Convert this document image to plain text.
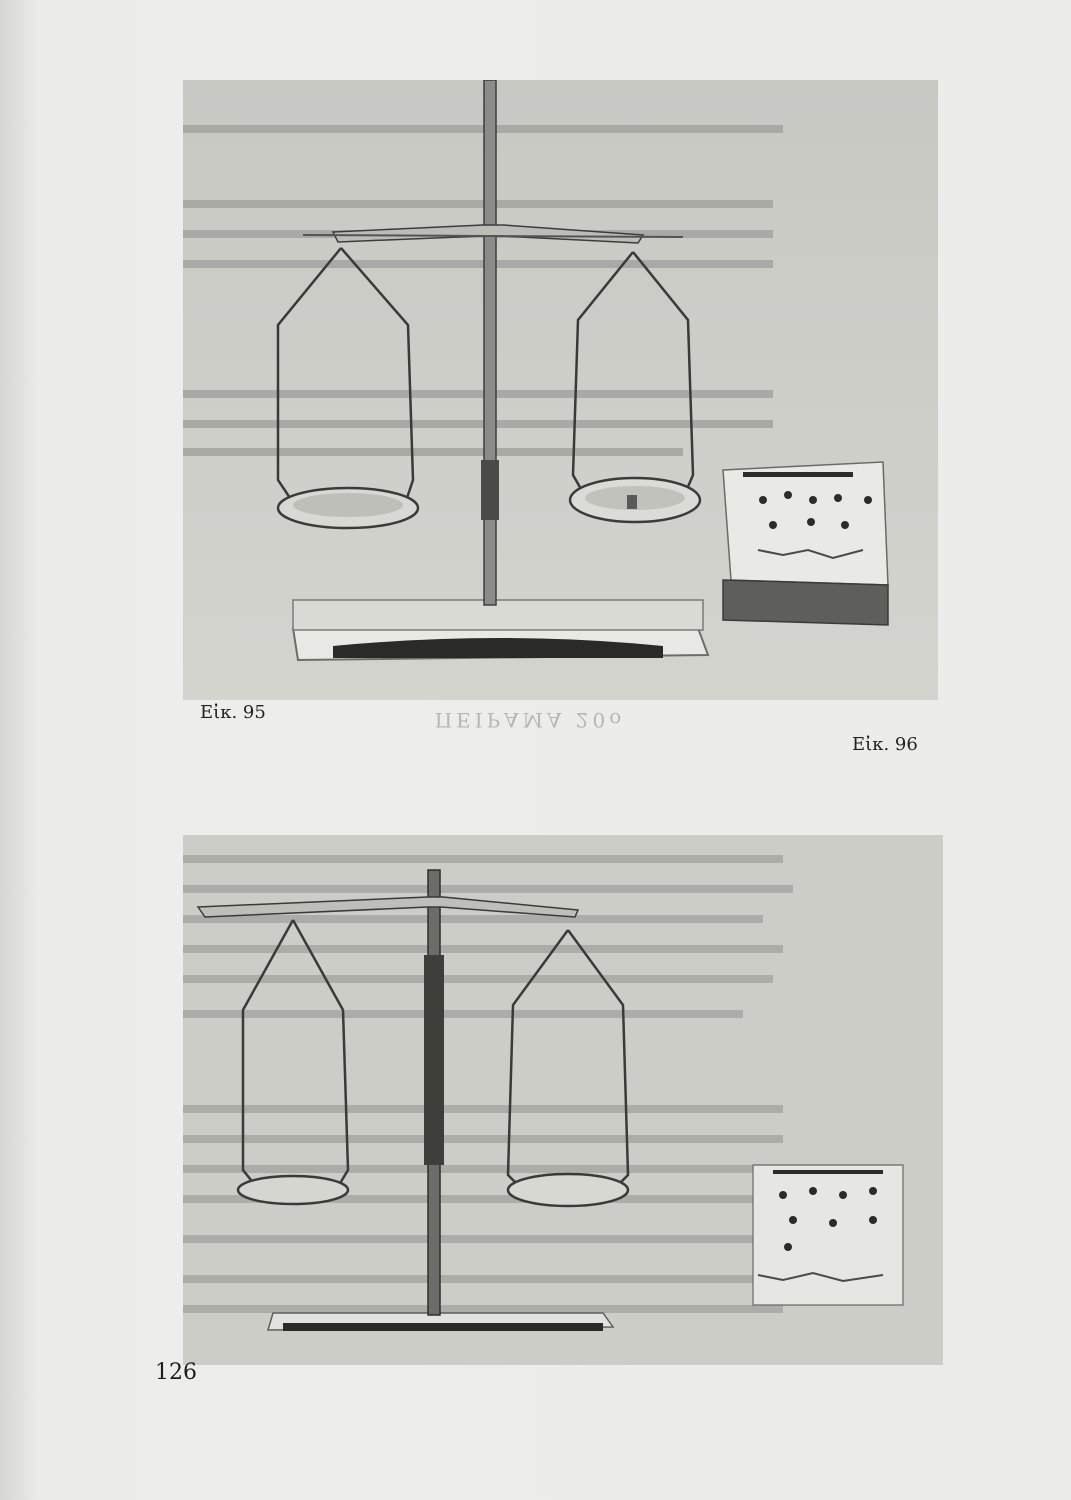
ΠΕΙΡΑΜΑ 20ο
Εἰκ. 95
Εἰκ. 96
126
